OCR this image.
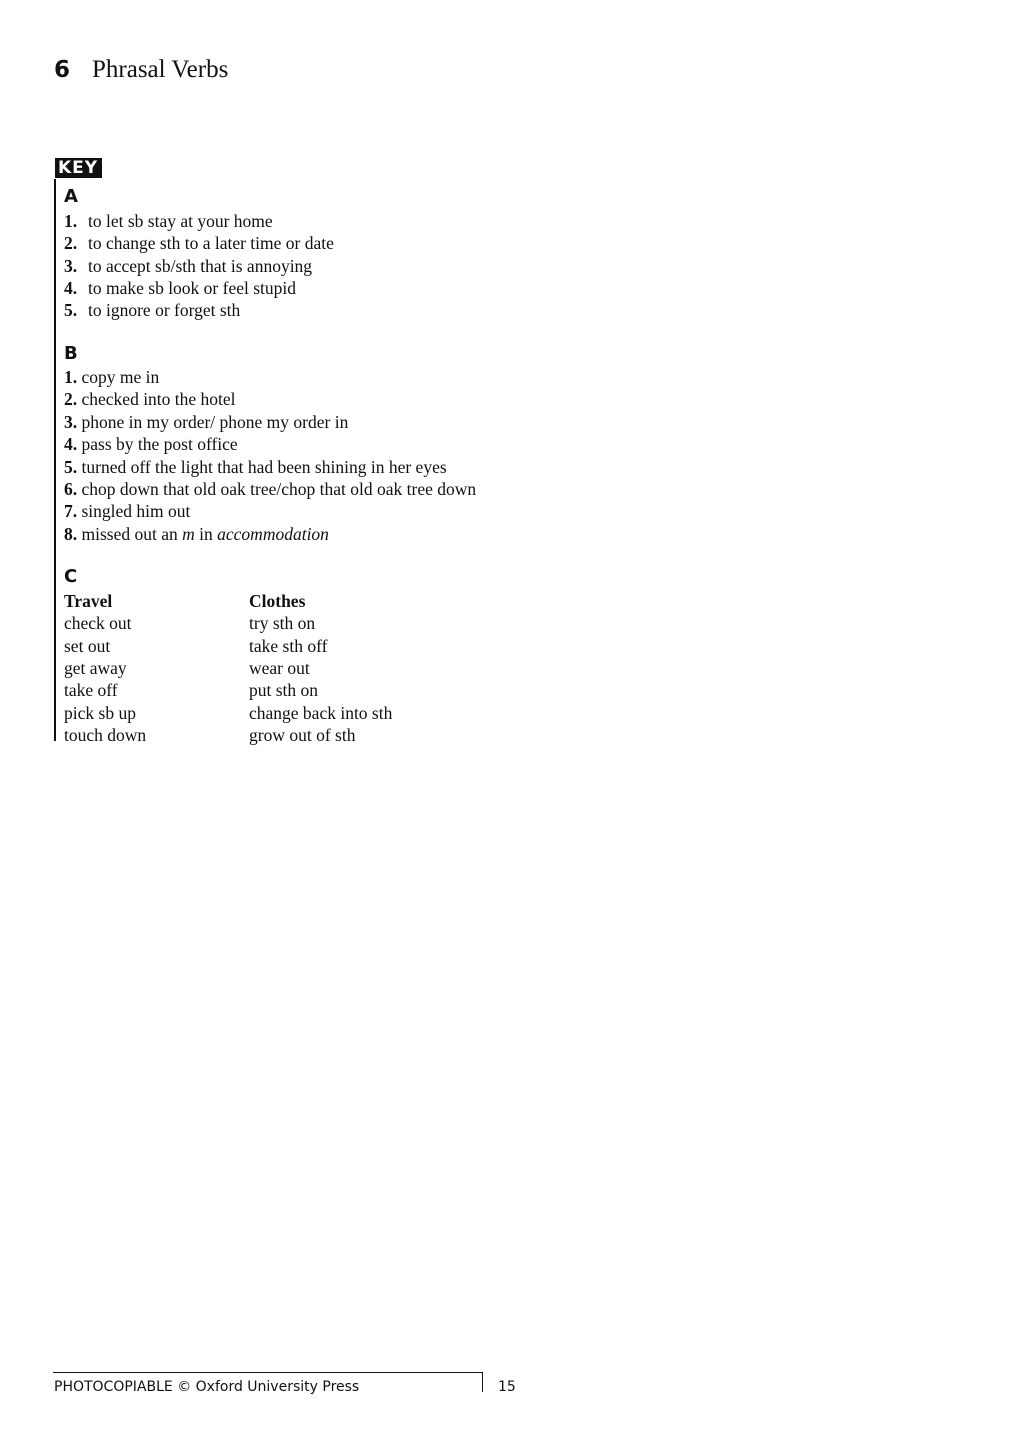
6 Phrasal Verbs
KEY
A
1. to let sb stay at your home
2. to change sth to a later time or date
3. to accept sb/sth that is annoying
4. to make sb look or feel stupid
5. to ignore or forget sth
B
1. copy me in
2. checked into the hotel
3. phone in my order/ phone my order in
4. pass by the post office
5. turned off the light that had been shining in her eyes
6. chop down that old oak tree/chop that old oak tree down
7. singled him out
8. missed out an m in accommodation
C
Travel	Clothes
check out	try sth on
set out	take sth off
get away	wear out
take off	put sth on
pick sb up	change back into sth
touch down	grow out of sth
PHOTOCOPIABLE © Oxford University Press	15
